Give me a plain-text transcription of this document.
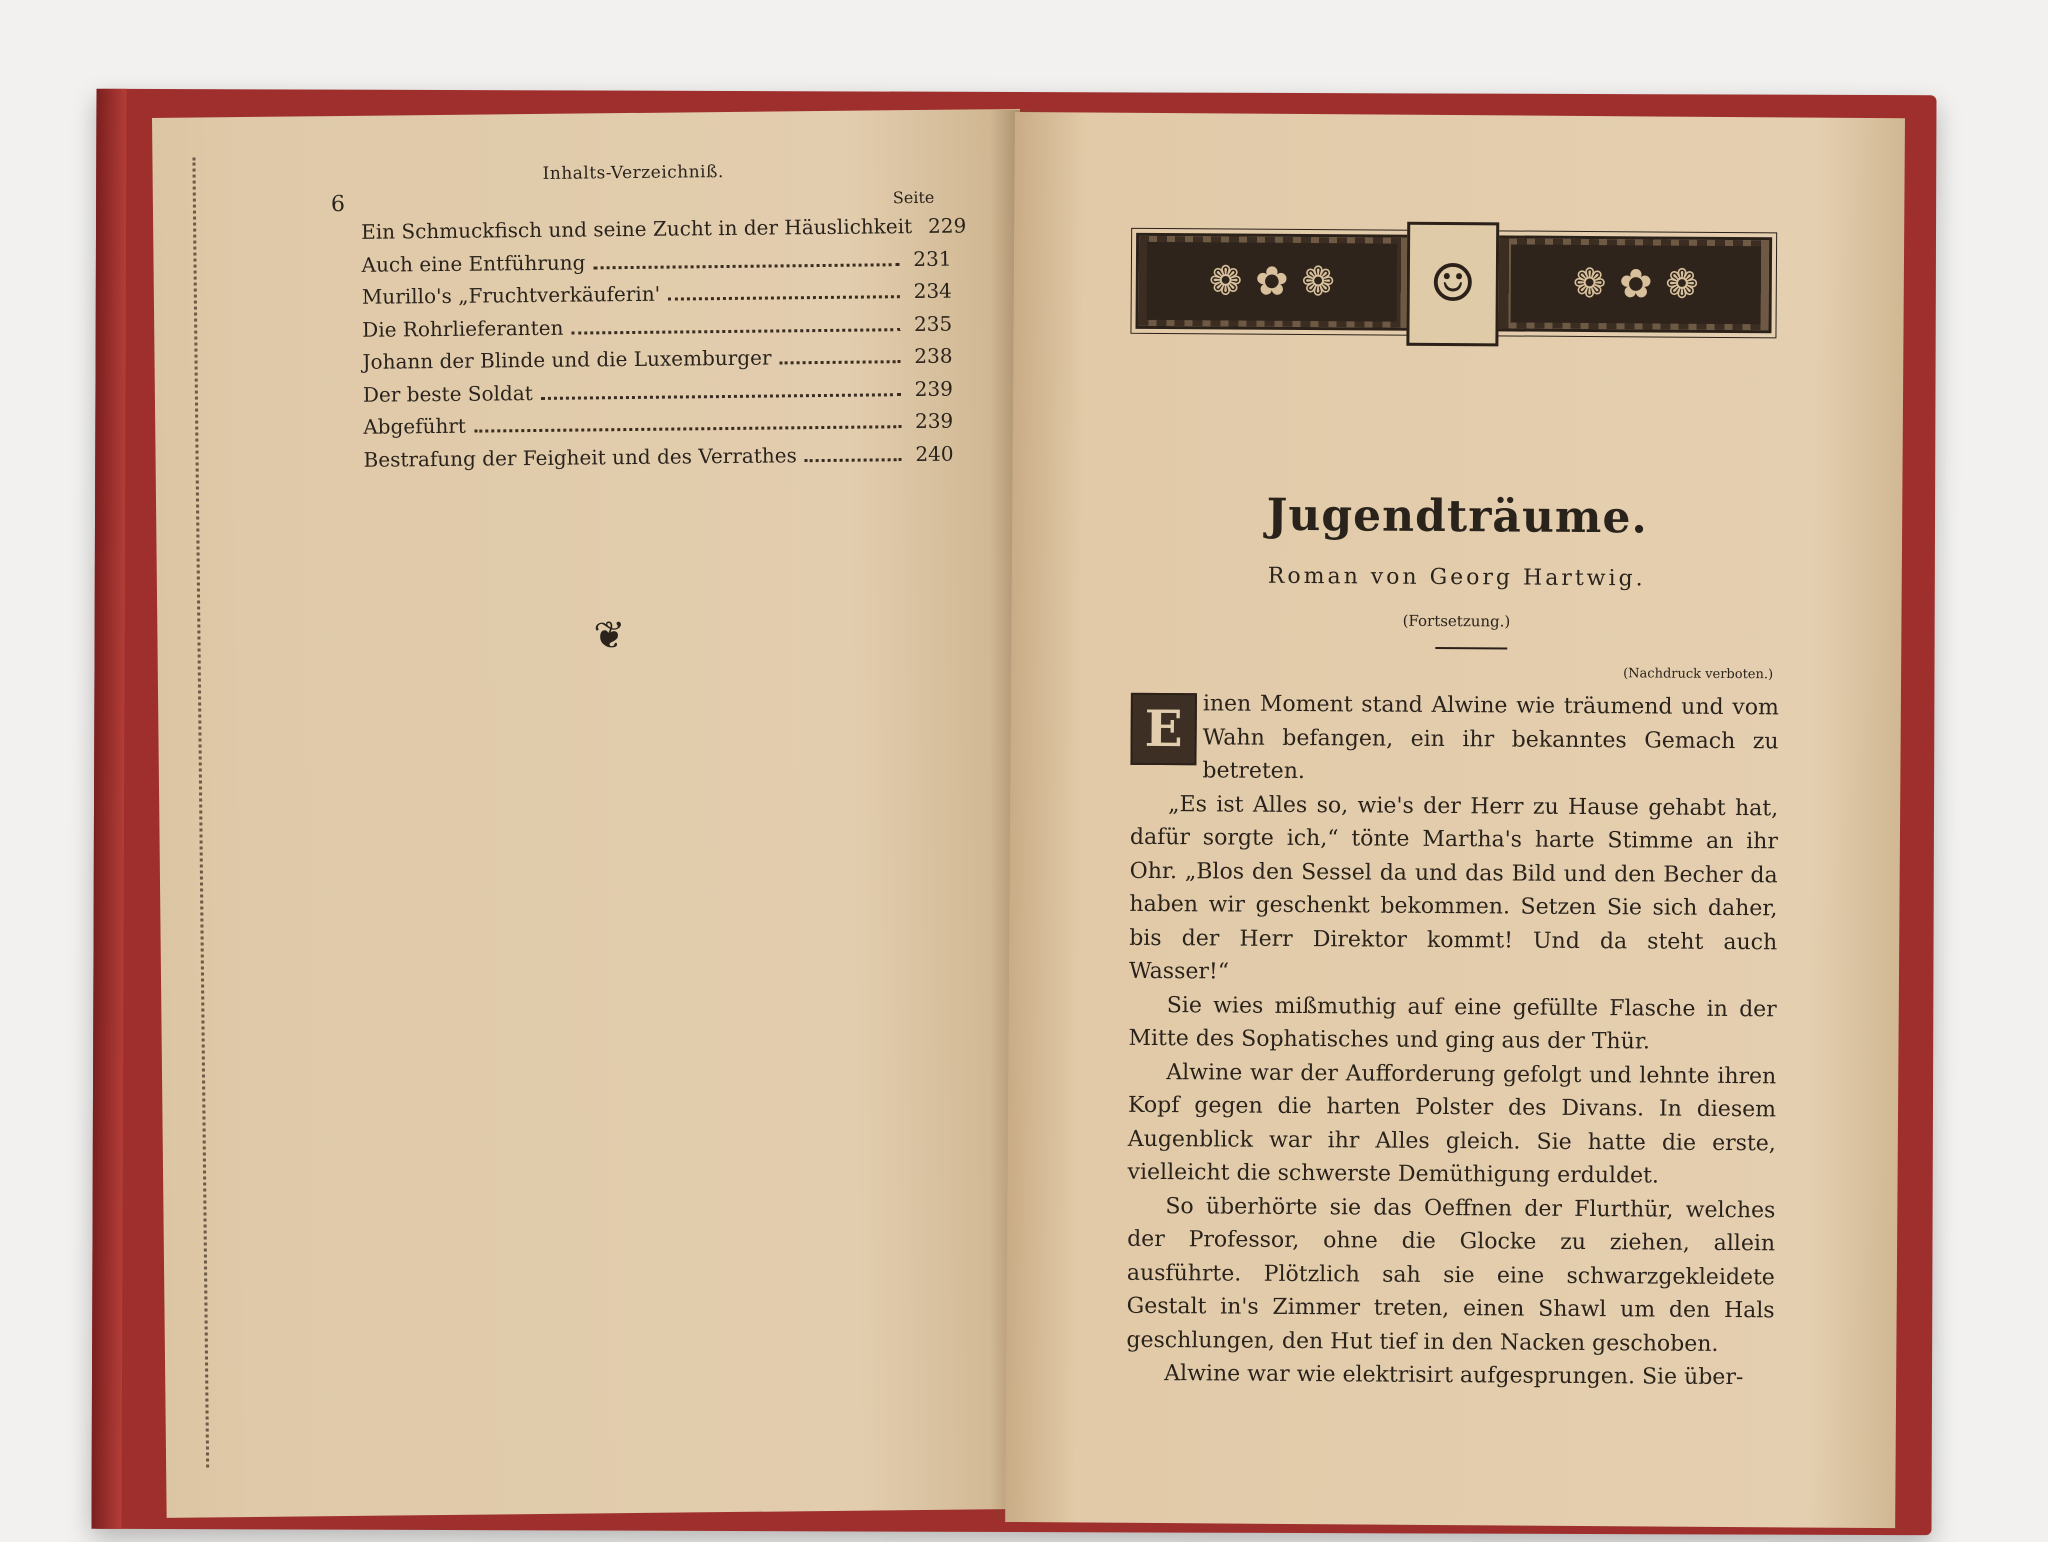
Inhalts-Verzeichniß.
6	Seite
Ein Schmuckfisch und seine Zucht in der Häuslichkeit 229
Auch eine Entführung	231
Murillo's „Fruchtverkäuferin'	234
Die Rohrlieferanten	235
Johann der Blinde und die Luxemburger	238
Der beste Soldat	239
Abgeführt	239
Bestrafung der Feigheit und des Verrathes	240
❦
❁ ✿ ❁	☺	❁ ✿ ❁
Jugendträume.
Roman von Georg Hartwig.
(Fortsetzung.)
(Nachdruck verboten.)

E inen Moment stand Alwine wie träumend und vom Wahn befangen, ein ihr bekanntes Gemach zu betreten.

„Es ist Alles so, wie's der Herr zu Hause gehabt hat, dafür sorgte ich,“ tönte Martha's harte Stimme an ihr Ohr. „Blos den Sessel da und das Bild und den Becher da haben wir geschenkt bekommen. Setzen Sie sich daher, bis der Herr Direktor kommt! Und da steht auch Wasser!“

Sie wies mißmuthig auf eine gefüllte Flasche in der Mitte des Sophatisches und ging aus der Thür.

Alwine war der Aufforderung gefolgt und lehnte ihren Kopf gegen die harten Polster des Divans. In diesem Augenblick war ihr Alles gleich. Sie hatte die erste, vielleicht die schwerste Demüthigung erduldet.

So überhörte sie das Oeffnen der Flurthür, welches der Professor, ohne die Glocke zu ziehen, allein ausführte. Plötzlich sah sie eine schwarzgekleidete Gestalt in's Zimmer treten, einen Shawl um den Hals geschlungen, den Hut tief in den Nacken geschoben.

Alwine war wie elektrisirt aufgesprungen. Sie über-
